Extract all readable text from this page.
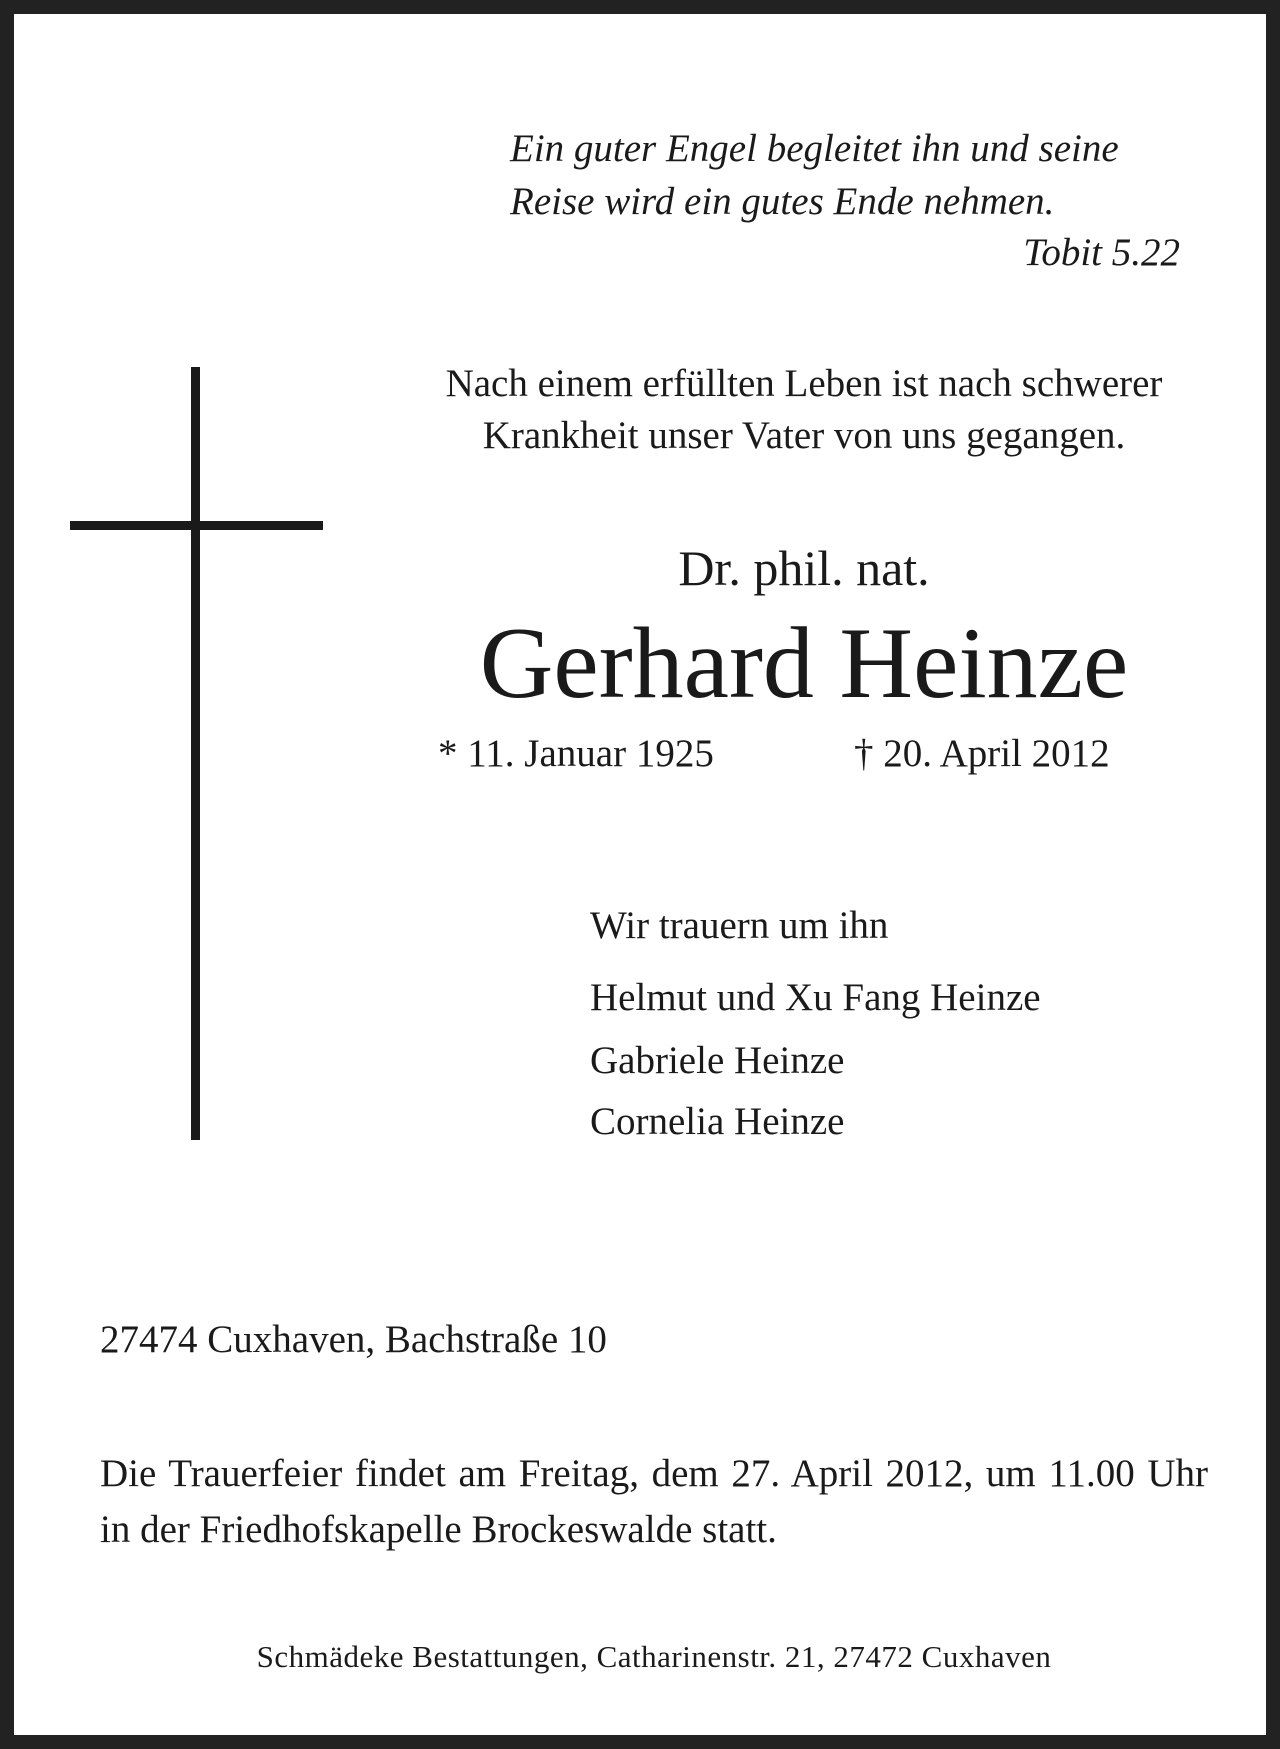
Ein guter Engel begleitet ihn und seine
Reise wird ein gutes Ende nehmen.
Tobit 5.22
Nach einem erfüllten Leben ist nach schwerer
Krankheit unser Vater von uns gegangen.
Dr. phil. nat.
Gerhard Heinze
* 11. Januar 1925	† 20. April 2012
Wir trauern um ihn
Helmut und Xu Fang Heinze
Gabriele Heinze
Cornelia Heinze
27474 Cuxhaven, Bachstraße 10
Die Trauerfeier findet am Freitag, dem 27. April 2012, um 11.00 Uhr in der Friedhofskapelle Brockeswalde statt.
Schmädeke Bestattungen, Catharinenstr. 21, 27472 Cuxhaven
